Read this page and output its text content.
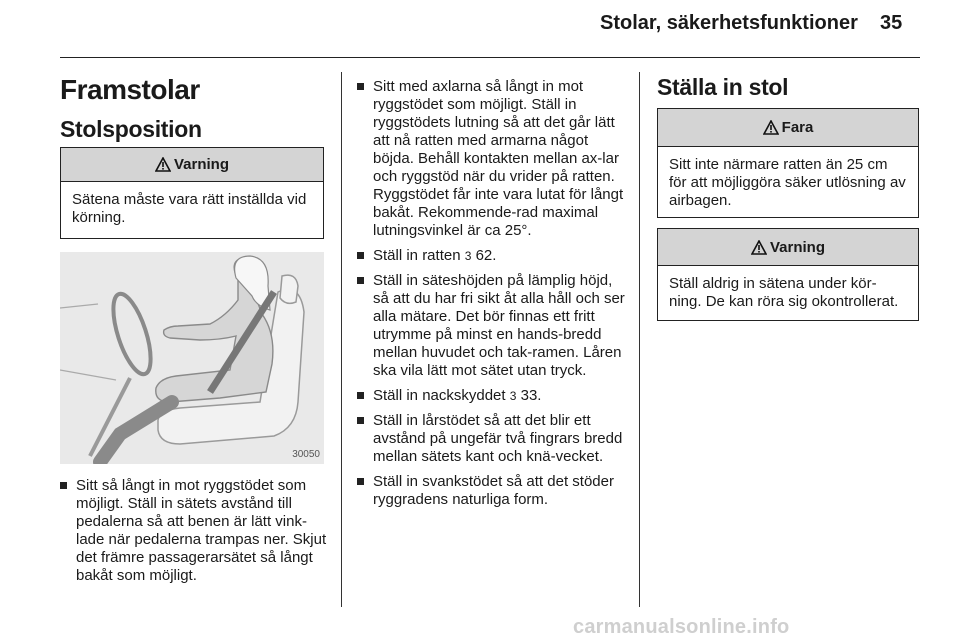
Stolar, säkerhetsfunktioner 35
Framstolar
Stolsposition
Varning
Sätena måste vara rätt inställda vid körning.
30050
Sitt så långt in mot ryggstödet som möjligt. Ställ in sätets avstånd till pedalerna så att benen är lätt vink-lade när pedalerna trampas ner. Skjut det främre passagerarsätet så långt bakåt som möjligt.
Sitt med axlarna så långt in mot ryggstödet som möjligt. Ställ in ryggstödets lutning så att det går lätt att nå ratten med armarna något böjda. Behåll kontakten mellan ax-lar och ryggstöd när du vrider på ratten. Ryggstödet får inte vara lutat för långt bakåt. Rekommende-rad maximal lutningsvinkel är ca 25°.
Ställ in ratten 3 62.
Ställ in säteshöjden på lämplig höjd, så att du har fri sikt åt alla håll och ser alla mätare. Det bör finnas ett fritt utrymme på minst en hands-bredd mellan huvudet och tak-ramen. Låren ska vila lätt mot sätet utan tryck.
Ställ in nackskyddet 3 33.
Ställ in lårstödet så att det blir ett avstånd på ungefär två fingrars bredd mellan sätets kant och knä-vecket.
Ställ in svankstödet så att det stöder ryggradens naturliga form.
Ställa in stol
Fara
Sitt inte närmare ratten än 25 cm för att möjliggöra säker utlösning av airbagen.
Varning
Ställ aldrig in sätena under kör-ning. De kan röra sig okontrollerat.
carmanualsonline.info
